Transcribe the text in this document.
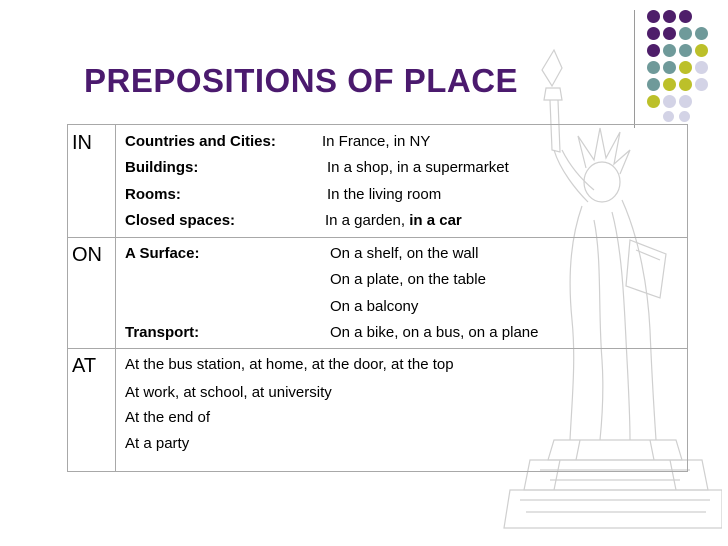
PREPOSITIONS OF PLACE
IN	Countries and Cities:	In France, in NY
Buildings:	In a shop, in a supermarket
Rooms:	In the living room
Closed spaces:	In a garden, in a car
ON	A Surface:	On a shelf, on the wall
On a plate, on the table
On a balcony
Transport:	On a bike, on a bus, on a plane
AT	At the bus station, at home, at the door, at the top
At work, at school, at university
At the end of
At a party
